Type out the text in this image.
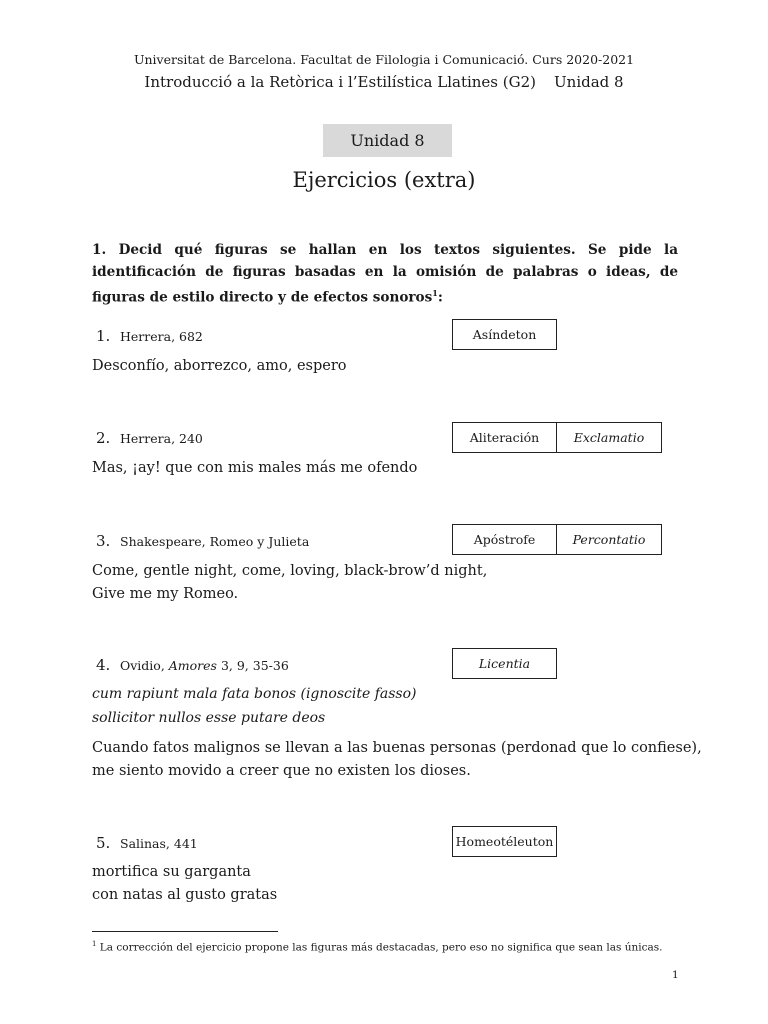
Universitat de Barcelona. Facultat de Filologia i Comunicació. Curs 2020-2021
Introducció a la Retòrica i l’Estilística Llatines (G2) Unidad 8
Unidad 8
Ejercicios (extra)
1. Decid qué figuras se hallan en los textos siguientes. Se pide la identificación de figuras basadas en la omisión de palabras o ideas, de figuras de estilo directo y de efectos sonoros$^1$:
1. Herrera, 682	Asíndeton
Desconfío, aborrezco, amo, espero
2. Herrera, 240	Aliteración	Exclamatio
Mas, ¡ay! que con mis males más me ofendo
3. Shakespeare, Romeo y Julieta	Apóstrofe	Percontatio
Come, gentle night, come, loving, black-brow’d night,
Give me my Romeo.
4. Ovidio, Amores 3, 9, 35-36	Licentia
cum rapiunt mala fata bonos (ignoscite fasso)
sollicitor nullos esse putare deos
Cuando fatos malignos se llevan a las buenas personas (perdonad que lo confiese),
me siento movido a creer que no existen los dioses.
5. Salinas, 441	Homeotéleuton
mortifica su garganta
con natas al gusto gratas
$^1$ La corrección del ejercicio propone las figuras más destacadas, pero eso no significa que sean las únicas.
1
